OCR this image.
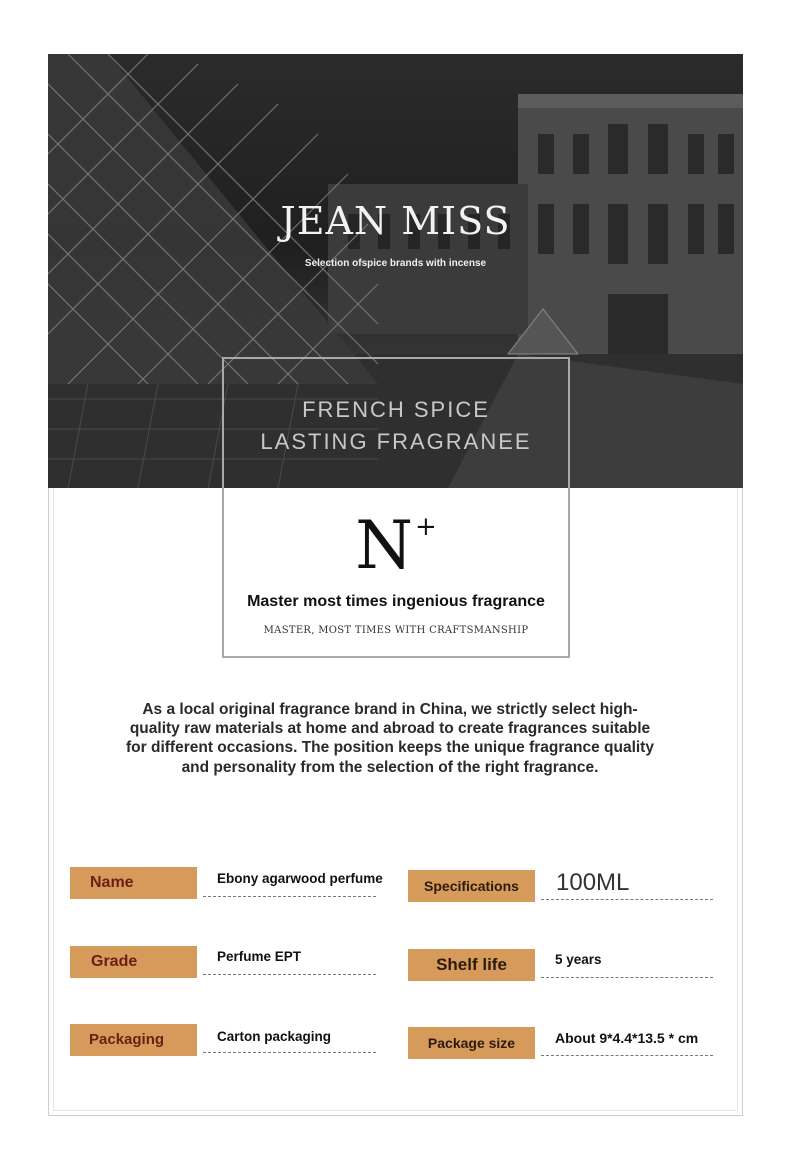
JEAN MISS
Selection ofspice brands with incense
FRENCH SPICE
LASTING FRAGRANEE
N+
Master most times ingenious fragrance
MASTER, MOST TIMES WITH CRAFTSMANSHIP
As a local original fragrance brand in China, we strictly select high-quality raw materials at home and abroad to create fragrances suitable for different occasions. The position keeps the unique fragrance quality and personality from the selection of the right fragrance.
Name	Ebony agarwood perfume
Grade	Perfume EPT
Packaging	Carton packaging
Specifications	100ML
Shelf life	5 years
Package size	About 9*4.4*13.5 * cm
